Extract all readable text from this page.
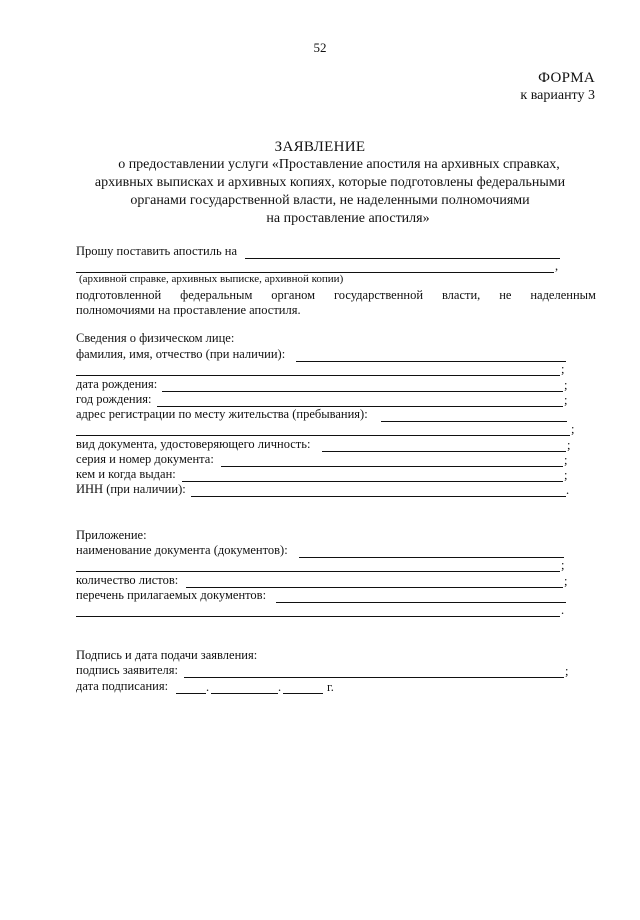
52
ФОРМА
к варианту 3
ЗАЯВЛЕНИЕ
о предоставлении услуги «Проставление апостиля на архивных справках,
архивных выписках и архивных копиях, которые подготовлены федеральными
органами государственной власти, не наделенными полномочиями
на проставление апостиля»
Прошу поставить апостиль на
,
(архивной справке, архивных выписке, архивной копии)
подготовленной федеральным органом государственной власти, не наделенным
полномочиями на проставление апостиля.
Сведения о физическом лице:
фамилия, имя, отчество (при наличии):
;
дата рождения:	;
год рождения:	;
адрес регистрации по месту жительства (пребывания):
;
вид документа, удостоверяющего личность:	;
серия и номер документа:	;
кем и когда выдан:	;
ИНН (при наличии):	.
Приложение:
наименование документа (документов):
;
количество листов:	;
перечень прилагаемых документов:
.
Подпись и дата подачи заявления:
подпись заявителя:	;
дата подписания:	.	.	г.
